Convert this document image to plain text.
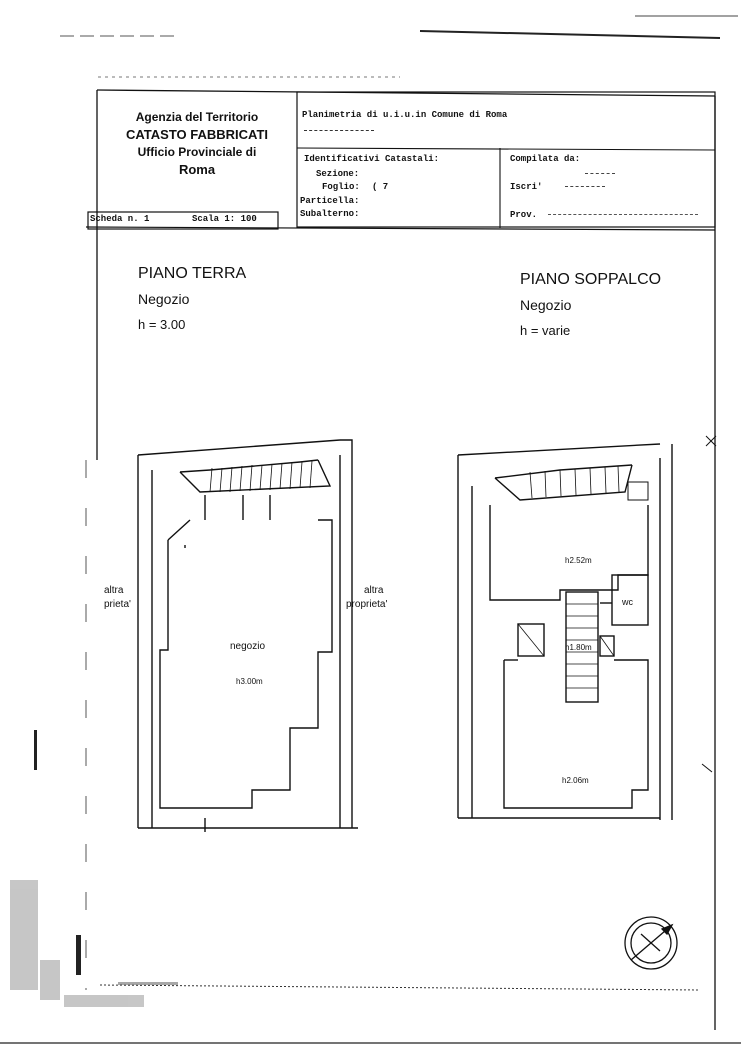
Agenzia del Territorio
CATASTO FABBRICATI
Ufficio Provinciale di
Roma
Planimetria di u.i.u.in Comune di Roma
Identificativi Catastali:
Sezione:
Foglio: ( 7
Particella:
Subalterno:
Compilata da:
Iscri'
Prov.
Scheda n. 1	Scala 1: 100
PIANO TERRA
Negozio
h = 3.00
altra
prieta'
altra
proprieta'
negozio
h3.00m
PIANO SOPPALCO
Negozio
h = varie
h2.52m
wc
h1.80m
h2.06m
